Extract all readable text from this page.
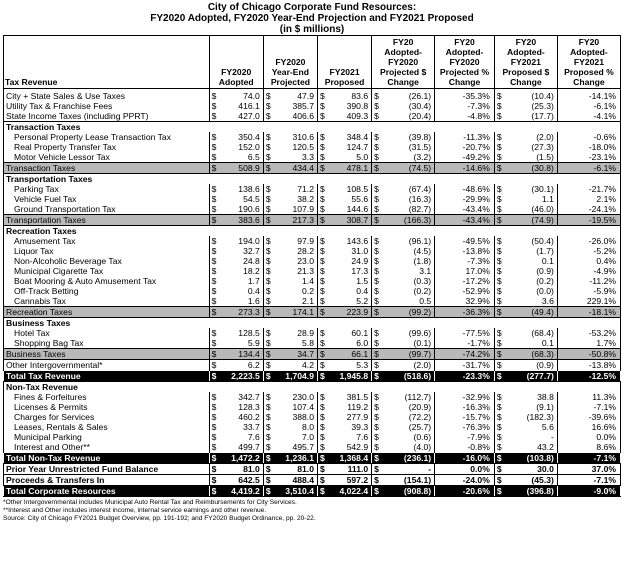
City of Chicago Corporate Fund Resources:
FY2020 Adopted, FY2020 Year-End Projection and FY2021 Proposed
(in $ millions)
Tax Revenue	FY2020 Adopted		FY2020 Year-End Projected		FY2021 Proposed		FY20 Adopted-FY2020 Projected $ Change		FY20 Adopted-FY2020 Projected % Change	FY20 Adopted-FY2021 Proposed $ Change		FY20 Adopted-FY2021 Proposed % Change

City + State Sales & Use Taxes	$	74.0	$	47.9	$	83.6	$	(26.1)	-35.3%	$	(10.4)	-14.1%
Utility Tax & Franchise Fees	$	416.1	$	385.7	$	390.8	$	(30.4)	-7.3%	$	(25.3)	-6.1%
State Income Taxes (including PPRT)	$	427.0	$	406.6	$	409.3	$	(20.4)	-4.8%	$	(17.7)	-4.1%
Transaction Taxes												
Personal Property Lease Transaction Tax	$	350.4	$	310.6	$	348.4	$	(39.8)	-11.3%	$	(2.0)	-0.6%
Real Property Transfer Tax	$	152.0	$	120.5	$	124.7	$	(31.5)	-20.7%	$	(27.3)	-18.0%
Motor Vehicle Lessor Tax	$	6.5	$	3.3	$	5.0	$	(3.2)	-49.2%	$	(1.5)	-23.1%
Transaction Taxes	$	508.9	$	434.4	$	478.1	$	(74.5)	-14.6%	$	(30.8)	-6.1%
Transportation Taxes												
Parking Tax	$	138.6	$	71.2	$	108.5	$	(67.4)	-48.6%	$	(30.1)	-21.7%
Vehicle Fuel Tax	$	54.5	$	38.2	$	55.6	$	(16.3)	-29.9%	$	1.1	2.1%
Ground Transportation Tax	$	190.6	$	107.9	$	144.6	$	(82.7)	-43.4%	$	(46.0)	-24.1%
Transportation Taxes	$	383.6	$	217.3	$	308.7	$	(166.3)	-43.4%	$	(74.9)	-19.5%
Recreation Taxes												
Amusement Tax	$	194.0	$	97.9	$	143.6	$	(96.1)	-49.5%	$	(50.4)	-26.0%
Liquor Tax	$	32.7	$	28.2	$	31.0	$	(4.5)	-13.8%	$	(1.7)	-5.2%
Non-Alcoholic Beverage Tax	$	24.8	$	23.0	$	24.9	$	(1.8)	-7.3%	$	0.1	0.4%
Municipal Cigarette Tax	$	18.2	$	21.3	$	17.3	$	3.1	17.0%	$	(0.9)	-4.9%
Boat Mooring & Auto Amusement Tax	$	1.7	$	1.4	$	1.5	$	(0.3)	-17.2%	$	(0.2)	-11.2%
Off-Track Betting	$	0.4	$	0.2	$	0.4	$	(0.2)	-52.9%	$	(0.0)	-5.9%
Cannabis Tax	$	1.6	$	2.1	$	5.2	$	0.5	32.9%	$	3.6	229.1%
Recreation Taxes	$	273.3	$	174.1	$	223.9	$	(99.2)	-36.3%	$	(49.4)	-18.1%
Business Taxes												
Hotel Tax	$	128.5	$	28.9	$	60.1	$	(99.6)	-77.5%	$	(68.4)	-53.2%
Shopping Bag Tax	$	5.9	$	5.8	$	6.0	$	(0.1)	-1.7%	$	0.1	1.7%
Business Taxes	$	134.4	$	34.7	$	66.1	$	(99.7)	-74.2%	$	(68.3)	-50.8%
Other Intergovernmental*	$	6.2	$	4.2	$	5.3	$	(2.0)	-31.7%	$	(0.9)	-13.8%
Total Tax Revenue	$	2,223.5	$	1,704.9	$	1,945.8	$	(518.6)	-23.3%	$	(277.7)	-12.5%
Non-Tax Revenue												
Fines & Forfeitures	$	342.7	$	230.0	$	381.5	$	(112.7)	-32.9%	$	38.8	11.3%
Licenses & Permits	$	128.3	$	107.4	$	119.2	$	(20.9)	-16.3%	$	(9.1)	-7.1%
Charges for Services	$	460.2	$	388.0	$	277.9	$	(72.2)	-15.7%	$	(182.3)	-39.6%
Leases, Rentals & Sales	$	33.7	$	8.0	$	39.3	$	(25.7)	-76.3%	$	5.6	16.6%
Municipal Parking	$	7.6	$	7.0	$	7.6	$	(0.6)	-7.9%	$	-	0.0%
Interest and Other**	$	499.7	$	495.7	$	542.9	$	(4.0)	-0.8%	$	43.2	8.6%
Total Non-Tax Revenue	$	1,472.2	$	1,236.1	$	1,368.4	$	(236.1)	-16.0%	$	(103.8)	-7.1%
Prior Year Unrestricted Fund Balance	$	81.0	$	81.0	$	111.0	$	-	0.0%	$	30.0	37.0%
Proceeds & Transfers In	$	642.5	$	488.4	$	597.2	$	(154.1)	-24.0%	$	(45.3)	-7.1%
Total Corporate Resources	$	4,419.2	$	3,510.4	$	4,022.4	$	(908.8)	-20.6%	$	(396.8)	-9.0%
*Other Intergovernmental includes Municipal Auto Rental Tax and Reimbursements for City Services.
**Interest and Other includes interest income, internal service earnings and other revenue.
Source: City of Chicago FY2021 Budget Overview, pp. 191-192; and FY2020 Budget Ordinance, pp. 20-22.
